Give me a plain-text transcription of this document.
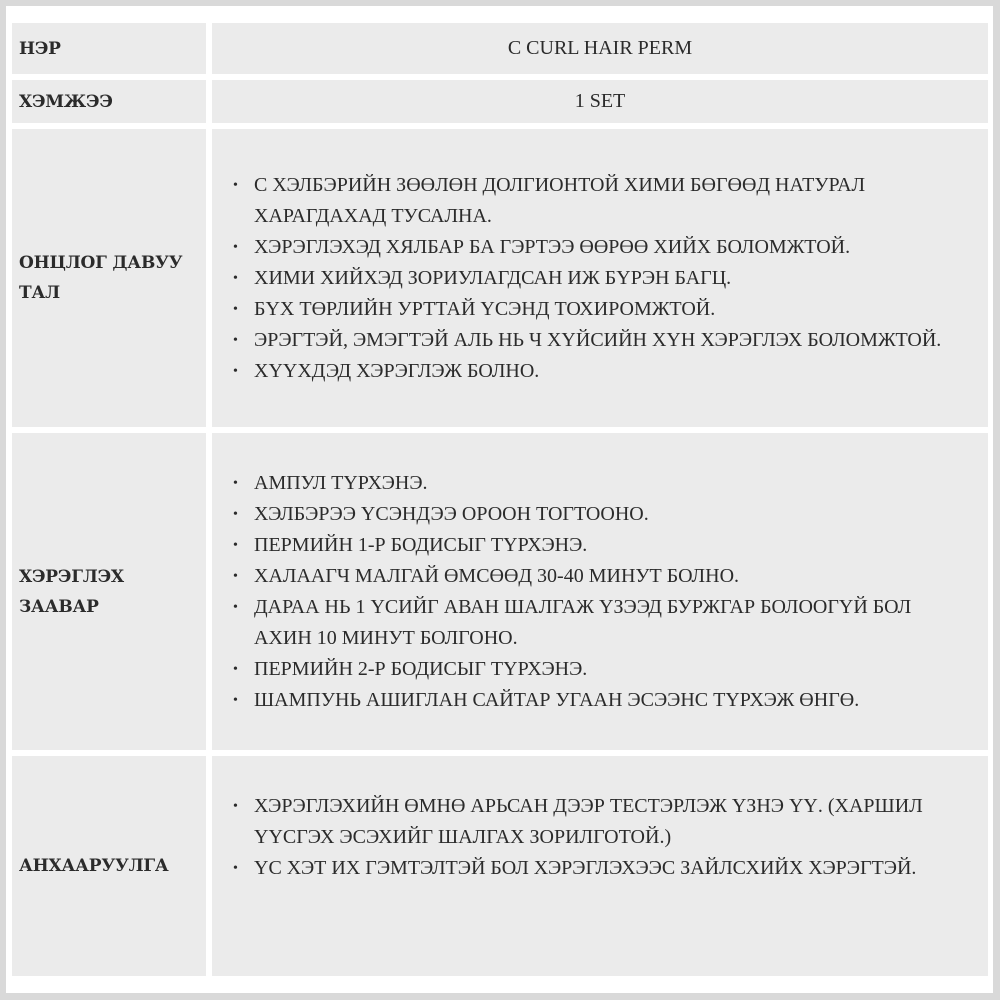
НЭР	C CURL HAIR PERM
ХЭМЖЭЭ	1 SET
ОНЦЛОГ ДАВУУ ТАЛ
• C ХЭЛБЭРИЙН ЗӨӨЛӨН ДОЛГИОНТОЙ ХИМИ БӨГӨӨД НАТУРАЛ ХАРАГДАХАД ТУСАЛНА.
• ХЭРЭГЛЭХЭД ХЯЛБАР БА ГЭРТЭЭ ӨӨРӨӨ ХИЙХ БОЛОМЖТОЙ.
• ХИМИ ХИЙХЭД ЗОРИУЛАГДСАН ИЖ БҮРЭН БАГЦ.
• БҮХ ТӨРЛИЙН УРТТАЙ ҮСЭНД ТОХИРОМЖТОЙ.
• ЭРЭГТЭЙ, ЭМЭГТЭЙ АЛЬ НЬ Ч ХҮЙСИЙН ХҮН ХЭРЭГЛЭХ БОЛОМЖТОЙ.
• ХҮҮХДЭД ХЭРЭГЛЭЖ БОЛНО.
ХЭРЭГЛЭХ ЗААВАР
• АМПУЛ ТҮРХЭНЭ.
• ХЭЛБЭРЭЭ ҮСЭНДЭЭ ОРООН ТОГТООНО.
• ПЕРМИЙН 1-Р БОДИСЫГ ТҮРХЭНЭ.
• ХАЛААГЧ МАЛГАЙ ӨМСӨӨД 30-40 МИНУТ БОЛНО.
• ДАРАА НЬ 1 ҮСИЙГ АВАН ШАЛГАЖ ҮЗЭЭД БУРЖГАР БОЛООГҮЙ БОЛ АХИН 10 МИНУТ БОЛГОНО.
• ПЕРМИЙН 2-Р БОДИСЫГ ТҮРХЭНЭ.
• ШАМПУНЬ АШИГЛАН САЙТАР УГААН ЭСЭЭНС ТҮРХЭЖ ӨНГӨ.
АНХААРУУЛГА
• ХЭРЭГЛЭХИЙН ӨМНӨ АРЬСАН ДЭЭР ТЕСТЭРЛЭЖ ҮЗНЭ ҮҮ. (ХАРШИЛ ҮҮСГЭХ ЭСЭХИЙГ ШАЛГАХ ЗОРИЛГОТОЙ.)
• ҮС ХЭТ ИХ ГЭМТЭЛТЭЙ БОЛ ХЭРЭГЛЭХЭЭС ЗАЙЛСХИЙХ ХЭРЭГТЭЙ.
